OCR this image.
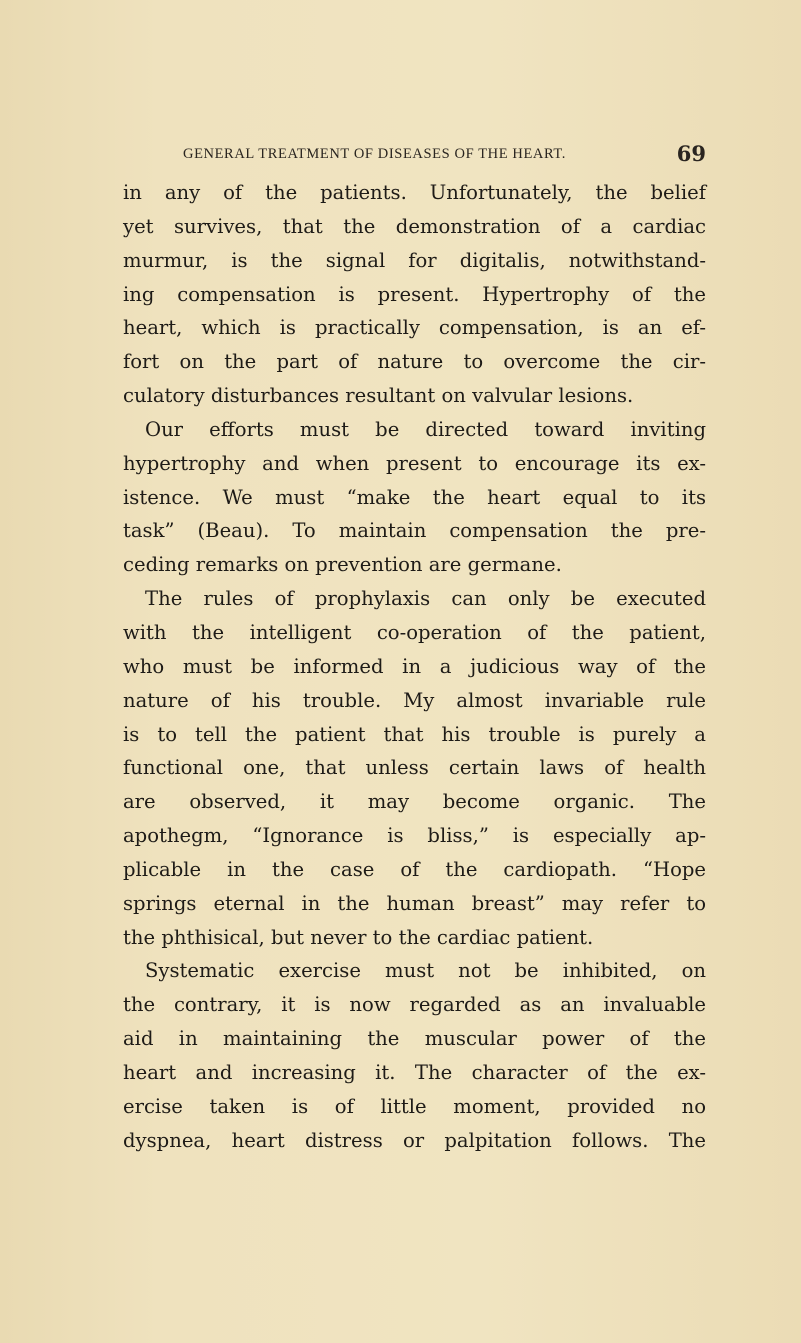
GENERAL TREATMENT OF DISEASES OF THE HEART.	69
in any of the patients. Unfortunately, the belief
yet survives, that the demonstration of a cardiac
murmur, is the signal for digitalis, notwithstand-
ing compensation is present. Hypertrophy of the
heart, which is practically compensation, is an ef-
fort on the part of nature to overcome the cir-
culatory disturbances resultant on valvular lesions.
Our efforts must be directed toward inviting
hypertrophy and when present to encourage its ex-
istence. We must “make the heart equal to its
task” (Beau). To maintain compensation the pre-
ceding remarks on prevention are germane.
The rules of prophylaxis can only be executed
with the intelligent co-operation of the patient,
who must be informed in a judicious way of the
nature of his trouble. My almost invariable rule
is to tell the patient that his trouble is purely a
functional one, that unless certain laws of health
are observed, it may become organic. The
apothegm, “Ignorance is bliss,” is especially ap-
plicable in the case of the cardiopath. “Hope
springs eternal in the human breast” may refer to
the phthisical, but never to the cardiac patient.
Systematic exercise must not be inhibited, on
the contrary, it is now regarded as an invaluable
aid in maintaining the muscular power of the
heart and increasing it. The character of the ex-
ercise taken is of little moment, provided no
dyspnea, heart distress or palpitation follows. The
